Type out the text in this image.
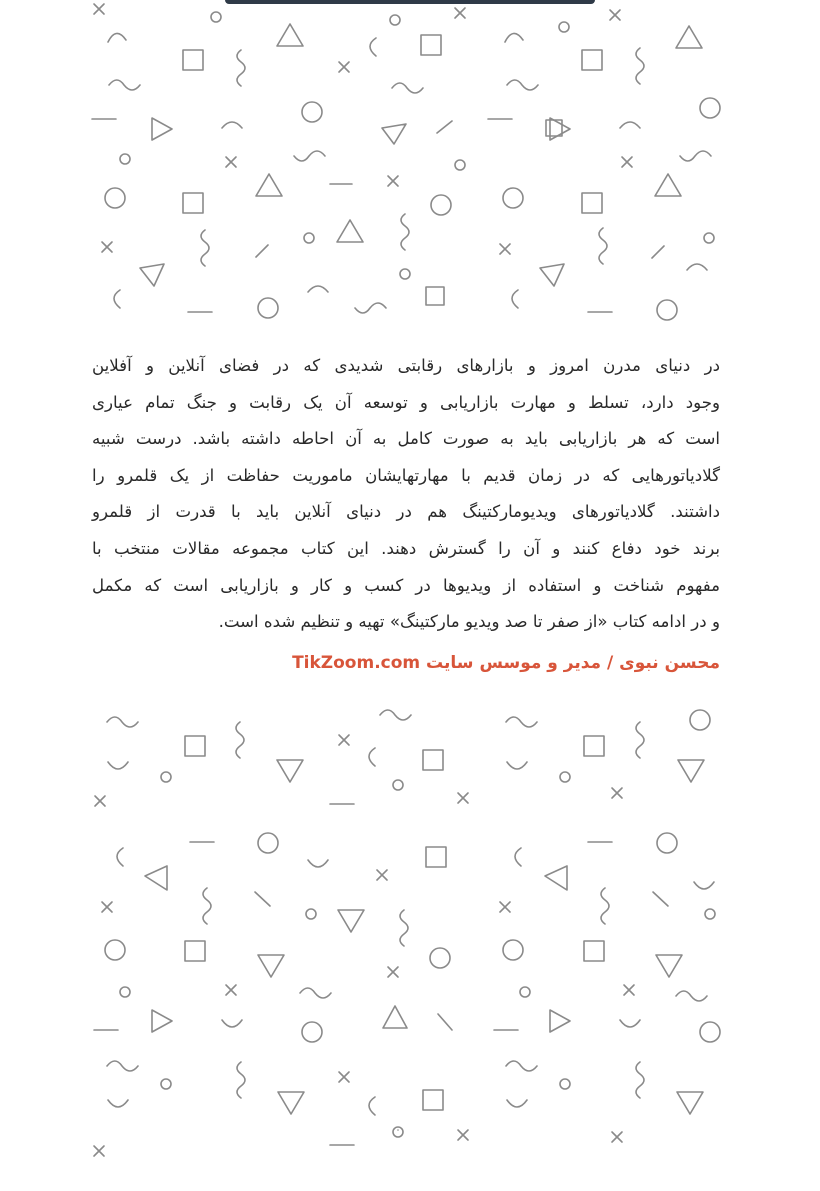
در دنیای مدرن امروز و بازارهای رقابتی شدیدی که در فضای آنلاین و آفلاین
وجود دارد، تسلط و مهارت بازاریابی و توسعه آن یک رقابت و جنگ تمام عیاری
است که هر بازاریابی باید به صورت کامل به آن احاطه داشته باشد. درست شبیه
گلادیاتورهایی که در زمان قدیم با مهارتهایشان ماموریت حفاظت از یک قلمرو را
داشتند. گلادیاتورهای ویدیومارکتینگ هم در دنیای آنلاین باید با قدرت از قلمرو
برند خود دفاع کنند و آن را گسترش دهند. این کتاب مجموعه مقالات منتخب با
مفهوم شناخت و استفاده از ویدیوها در کسب و کار و بازاریابی است که مکمل
و در ادامه کتاب «از صفر تا صد ویدیو مارکتینگ» تهیه و تنظیم شده است.
محسن نبوی / مدیر و موسس سایت TikZoom.com
